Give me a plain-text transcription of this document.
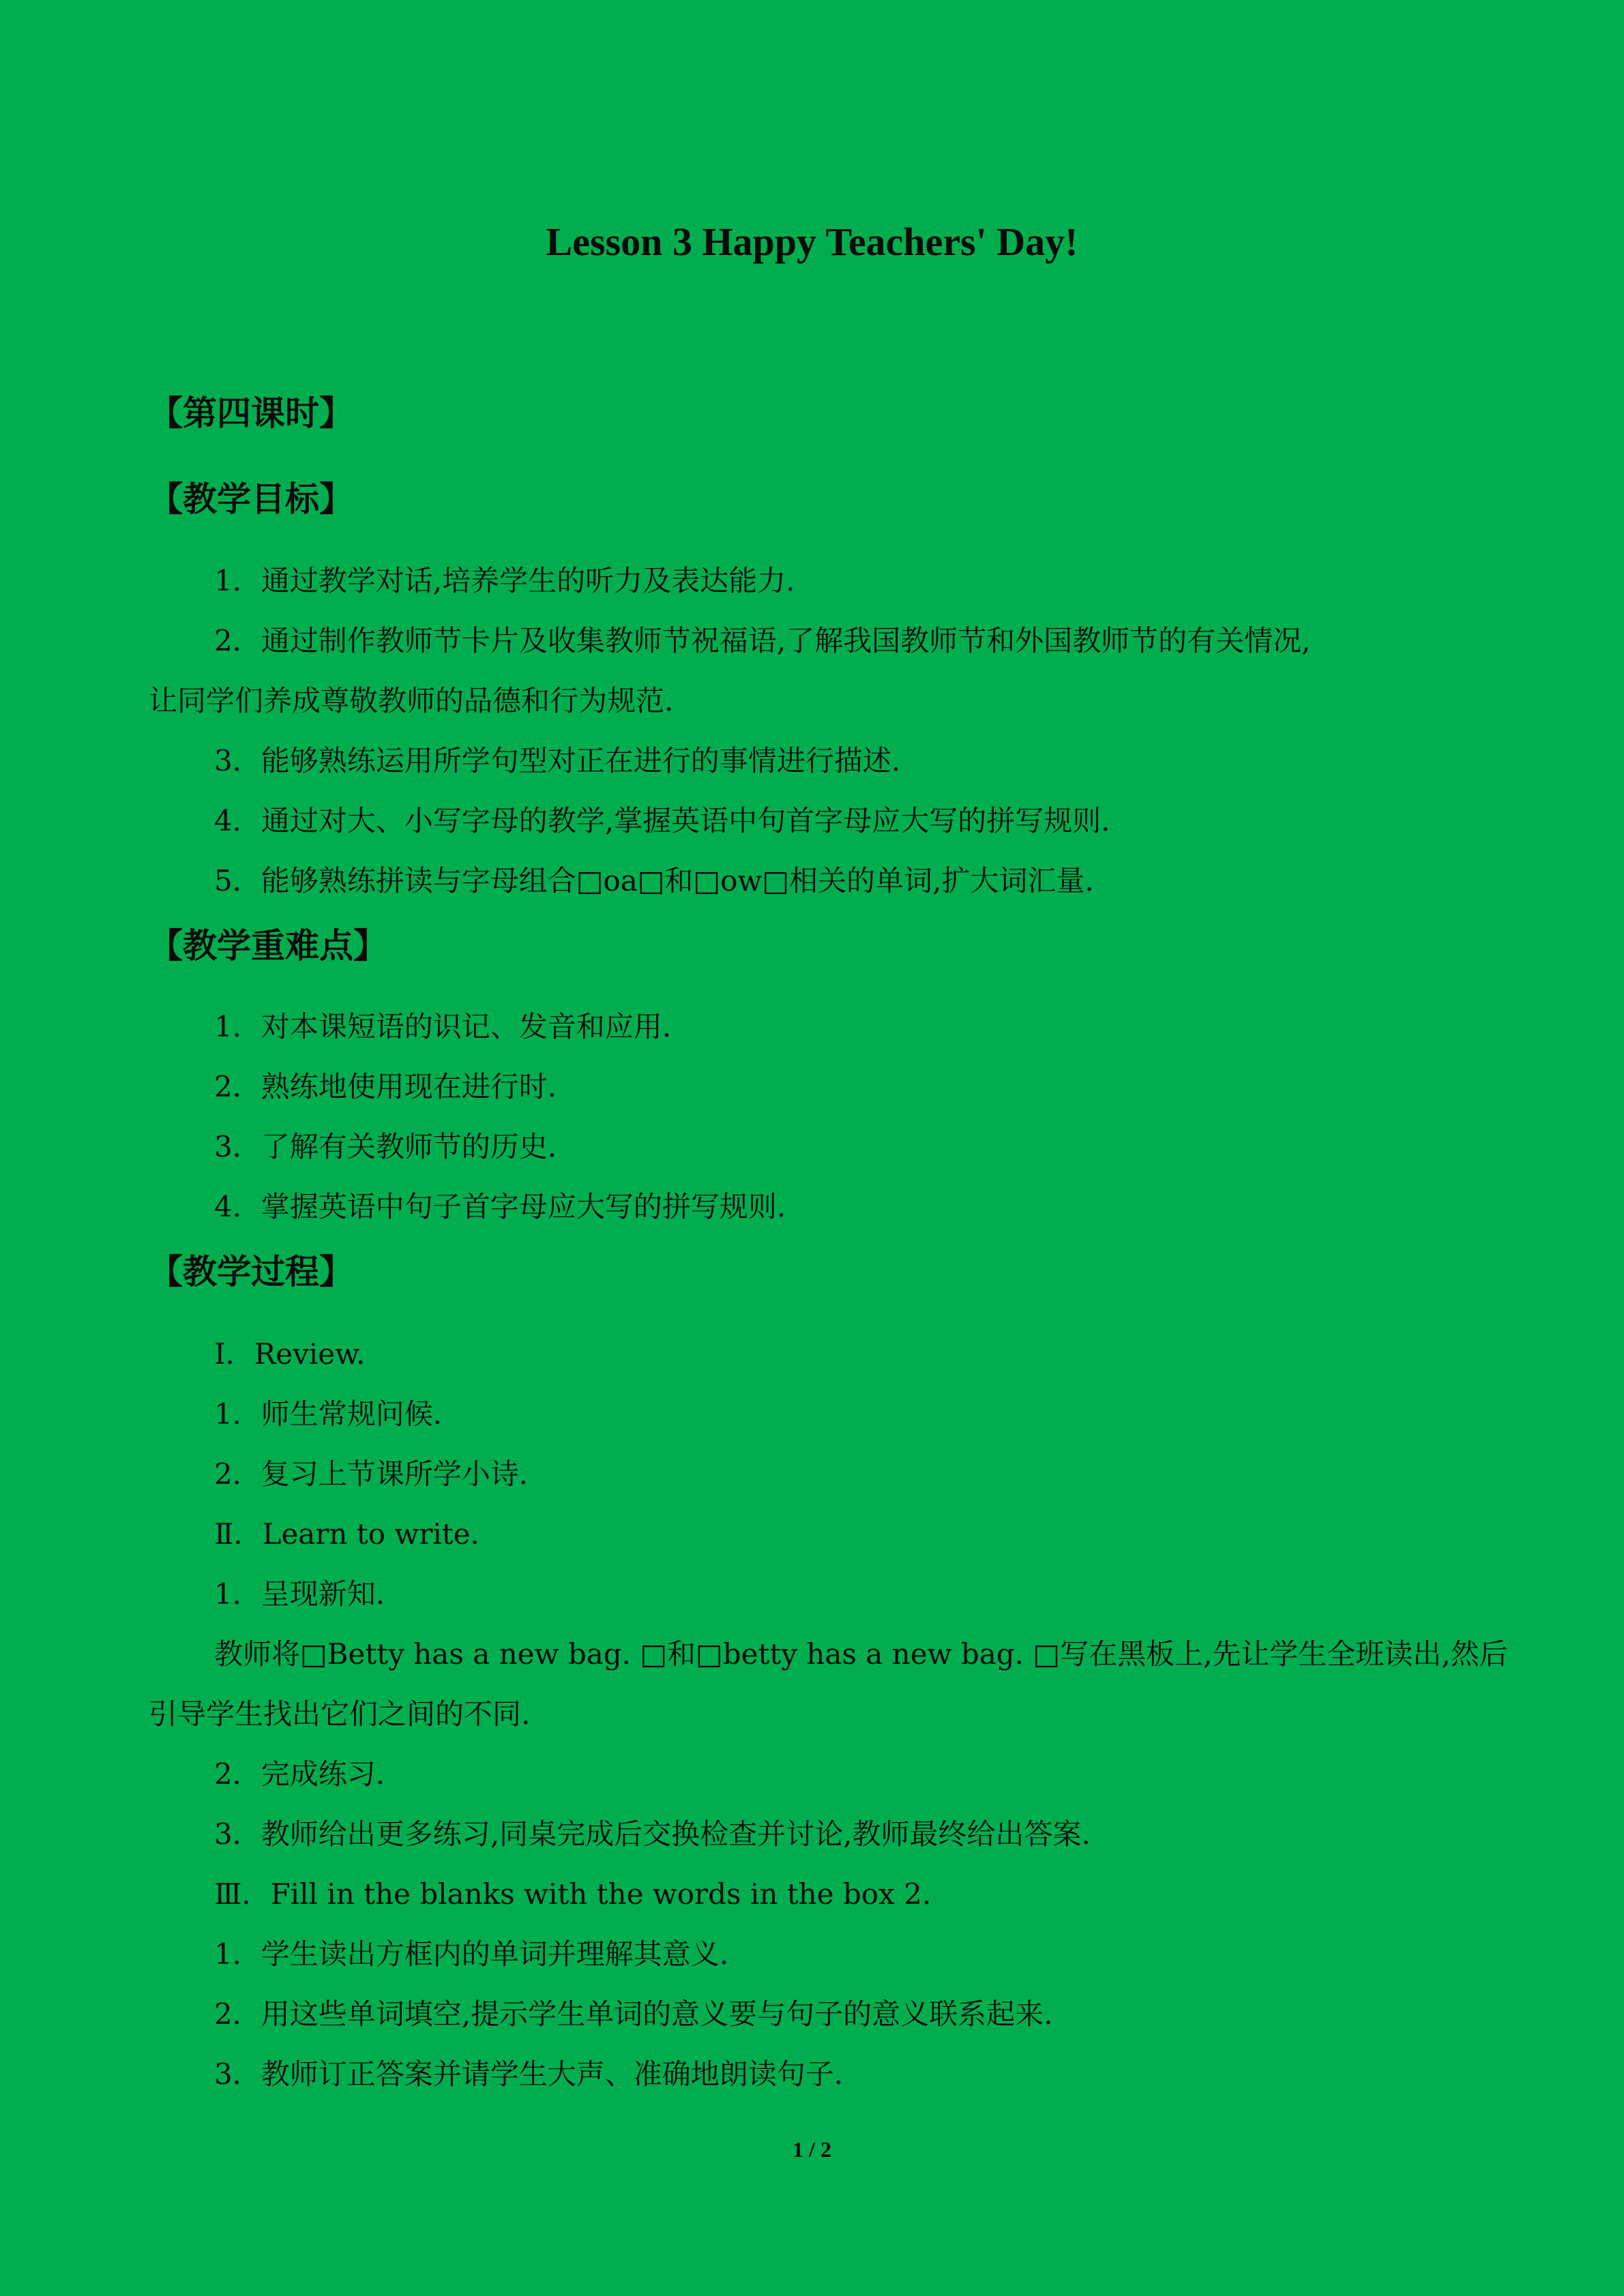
Lesson 3 Happy Teachers' Day!
【第四课时】
【教学目标】

1．通过教学对话,培养学生的听力及表达能力.

2．通过制作教师节卡片及收集教师节祝福语,了解我国教师节和外国教师节的有关情况,

让同学们养成尊敬教师的品德和行为规范.

3．能够熟练运用所学句型对正在进行的事情进行描述.

4．通过对大、小写字母的教学,掌握英语中句首字母应大写的拼写规则.

5．能够熟练拼读与字母组合□oa□和□ow□相关的单词,扩大词汇量.

【教学重难点】

1．对本课短语的识记、发音和应用.

2．熟练地使用现在进行时.

3．了解有关教师节的历史.

4．掌握英语中句子首字母应大写的拼写规则.

【教学过程】

Ⅰ．Review.

1．师生常规问候.

2．复习上节课所学小诗.

Ⅱ．Learn to write.

1．呈现新知.

教师将□Betty has a new bag. □和□betty has a new bag. □写在黑板上,先让学生全班读出,然后

引导学生找出它们之间的不同.

2．完成练习.

3．教师给出更多练习,同桌完成后交换检查并讨论,教师最终给出答案.

Ⅲ．Fill in the blanks with the words in the box 2.

1．学生读出方框内的单词并理解其意义.

2．用这些单词填空,提示学生单词的意义要与句子的意义联系起来.

3．教师订正答案并请学生大声、准确地朗读句子.

1 / 2
